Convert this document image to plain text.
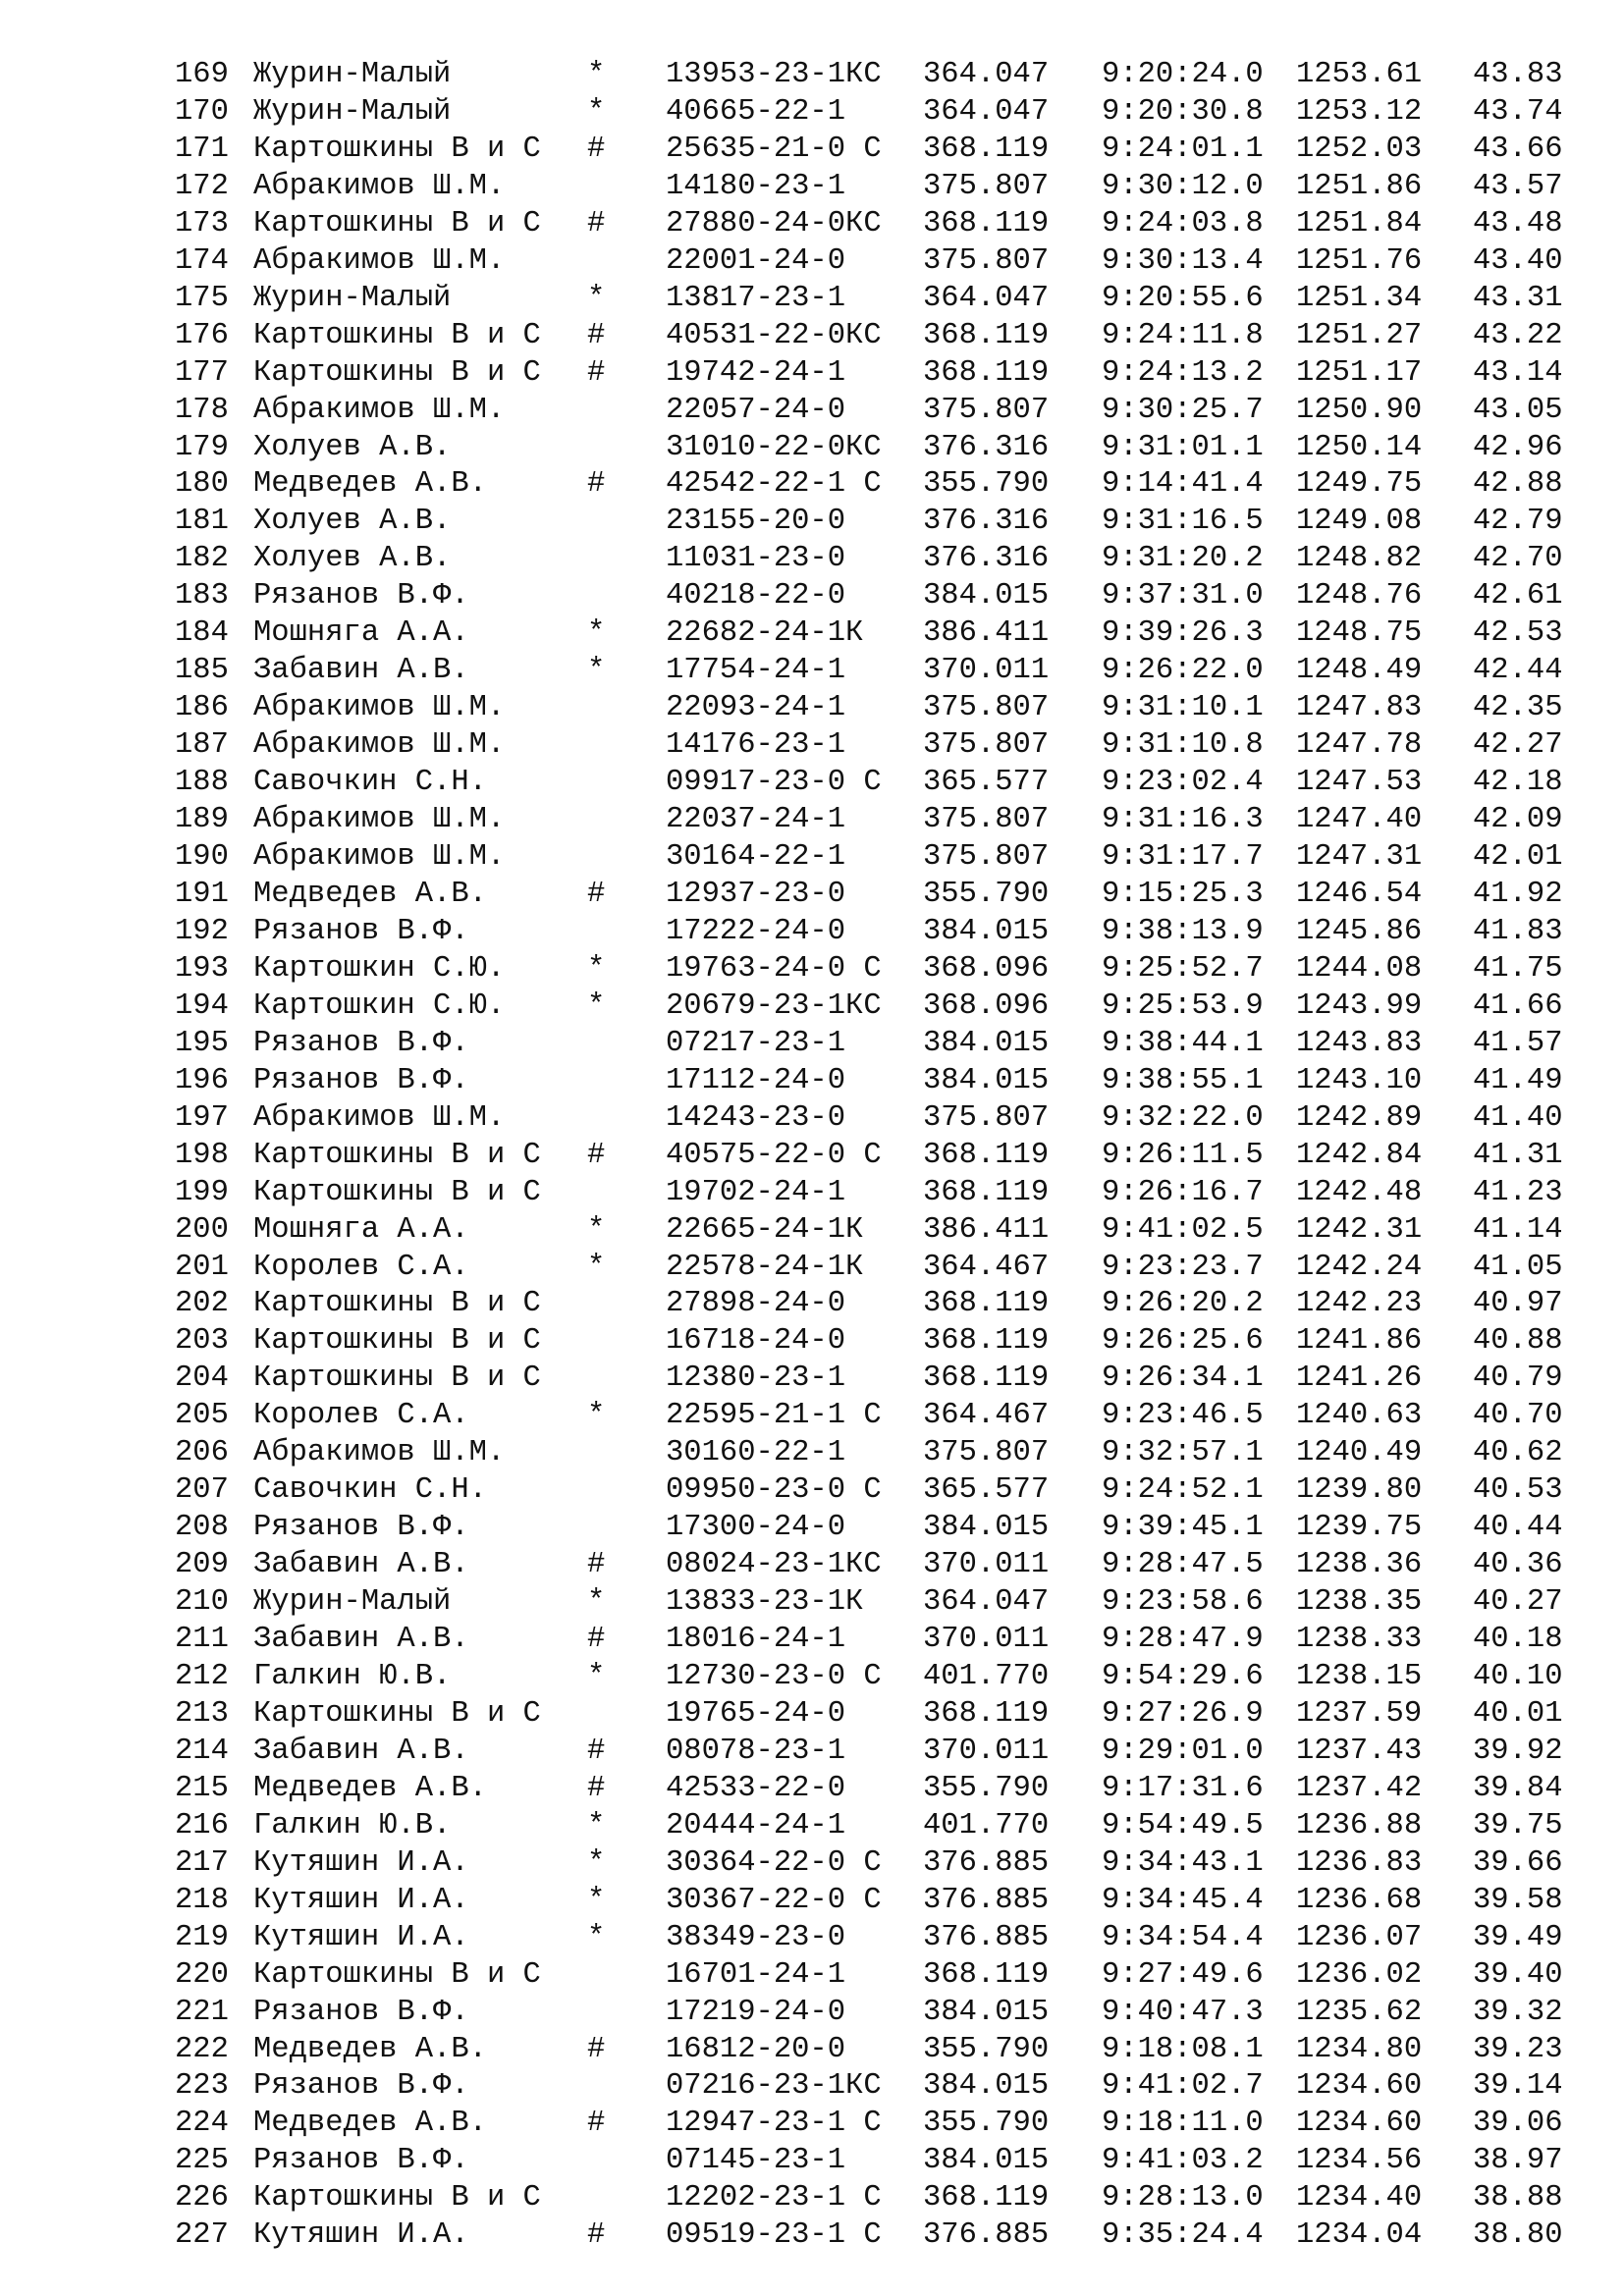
169 Журин-Малый	* 13953-23-1КС 364.047 9:20:24.0 1253.61 43.83
170 Журин-Малый	* 40665-22-1	364.047 9:20:30.8 1253.12 43.74
171 Картошкины В и С # 25635-21-0 С 368.119 9:24:01.1 1252.03 43.66
172 Абракимов Ш.М.	14180-23-1	375.807 9:30:12.0 1251.86 43.57
173 Картошкины В и С # 27880-24-0КС 368.119 9:24:03.8 1251.84 43.48
174 Абракимов Ш.М.	22001-24-0	375.807 9:30:13.4 1251.76 43.40
175 Журин-Малый	* 13817-23-1	364.047 9:20:55.6 1251.34 43.31
176 Картошкины В и С # 40531-22-0КС 368.119 9:24:11.8 1251.27 43.22
177 Картошкины В и С # 19742-24-1	368.119 9:24:13.2 1251.17 43.14
178 Абракимов Ш.М.	22057-24-0	375.807 9:30:25.7 1250.90 43.05
179 Холуев А.В.	31010-22-0КС 376.316 9:31:01.1 1250.14 42.96
180 Медведев А.В.	# 42542-22-1 С 355.790 9:14:41.4 1249.75 42.88
181 Холуев А.В.	23155-20-0	376.316 9:31:16.5 1249.08 42.79
182 Холуев А.В.	11031-23-0	376.316 9:31:20.2 1248.82 42.70
183 Рязанов В.Ф.	40218-22-0	384.015 9:37:31.0 1248.76 42.61
184 Мошняга А.А.	* 22682-24-1К 386.411 9:39:26.3 1248.75 42.53
185 Забавин А.В.	* 17754-24-1	370.011 9:26:22.0 1248.49 42.44
186 Абракимов Ш.М.	22093-24-1	375.807 9:31:10.1 1247.83 42.35
187 Абракимов Ш.М.	14176-23-1	375.807 9:31:10.8 1247.78 42.27
188 Савочкин С.Н.	09917-23-0 С 365.577 9:23:02.4 1247.53 42.18
189 Абракимов Ш.М.	22037-24-1	375.807 9:31:16.3 1247.40 42.09
190 Абракимов Ш.М.	30164-22-1	375.807 9:31:17.7 1247.31 42.01
191 Медведев А.В.	# 12937-23-0	355.790 9:15:25.3 1246.54 41.92
192 Рязанов В.Ф.	17222-24-0	384.015 9:38:13.9 1245.86 41.83
193 Картошкин С.Ю.	* 19763-24-0 С 368.096 9:25:52.7 1244.08 41.75
194 Картошкин С.Ю.	* 20679-23-1КС 368.096 9:25:53.9 1243.99 41.66
195 Рязанов В.Ф.	07217-23-1	384.015 9:38:44.1 1243.83 41.57
196 Рязанов В.Ф.	17112-24-0	384.015 9:38:55.1 1243.10 41.49
197 Абракимов Ш.М.	14243-23-0	375.807 9:32:22.0 1242.89 41.40
198 Картошкины В и С # 40575-22-0 С 368.119 9:26:11.5 1242.84 41.31
199 Картошкины В и С	19702-24-1	368.119 9:26:16.7 1242.48 41.23
200 Мошняга А.А.	* 22665-24-1К 386.411 9:41:02.5 1242.31 41.14
201 Королев С.А.	* 22578-24-1К 364.467 9:23:23.7 1242.24 41.05
202 Картошкины В и С	27898-24-0	368.119 9:26:20.2 1242.23 40.97
203 Картошкины В и С	16718-24-0	368.119 9:26:25.6 1241.86 40.88
204 Картошкины В и С	12380-23-1	368.119 9:26:34.1 1241.26 40.79
205 Королев С.А.	* 22595-21-1 С 364.467 9:23:46.5 1240.63 40.70
206 Абракимов Ш.М.	30160-22-1	375.807 9:32:57.1 1240.49 40.62
207 Савочкин С.Н.	09950-23-0 С 365.577 9:24:52.1 1239.80 40.53
208 Рязанов В.Ф.	17300-24-0	384.015 9:39:45.1 1239.75 40.44
209 Забавин А.В.	# 08024-23-1КС 370.011 9:28:47.5 1238.36 40.36
210 Журин-Малый	* 13833-23-1К 364.047 9:23:58.6 1238.35 40.27
211 Забавин А.В.	# 18016-24-1	370.011 9:28:47.9 1238.33 40.18
212 Галкин Ю.В.	* 12730-23-0 С 401.770 9:54:29.6 1238.15 40.10
213 Картошкины В и С	19765-24-0	368.119 9:27:26.9 1237.59 40.01
214 Забавин А.В.	# 08078-23-1	370.011 9:29:01.0 1237.43 39.92
215 Медведев А.В.	# 42533-22-0	355.790 9:17:31.6 1237.42 39.84
216 Галкин Ю.В.	* 20444-24-1	401.770 9:54:49.5 1236.88 39.75
217 Кутяшин И.А.	* 30364-22-0 С 376.885 9:34:43.1 1236.83 39.66
218 Кутяшин И.А.	* 30367-22-0 С 376.885 9:34:45.4 1236.68 39.58
219 Кутяшин И.А.	* 38349-23-0	376.885 9:34:54.4 1236.07 39.49
220 Картошкины В и С	16701-24-1	368.119 9:27:49.6 1236.02 39.40
221 Рязанов В.Ф.	17219-24-0	384.015 9:40:47.3 1235.62 39.32
222 Медведев А.В.	# 16812-20-0	355.790 9:18:08.1 1234.80 39.23
223 Рязанов В.Ф.	07216-23-1КС 384.015 9:41:02.7 1234.60 39.14
224 Медведев А.В.	# 12947-23-1 С 355.790 9:18:11.0 1234.60 39.06
225 Рязанов В.Ф.	07145-23-1	384.015 9:41:03.2 1234.56 38.97
226 Картошкины В и С	12202-23-1 С 368.119 9:28:13.0 1234.40 38.88
227 Кутяшин И.А.	# 09519-23-1 С 376.885 9:35:24.4 1234.04 38.80
